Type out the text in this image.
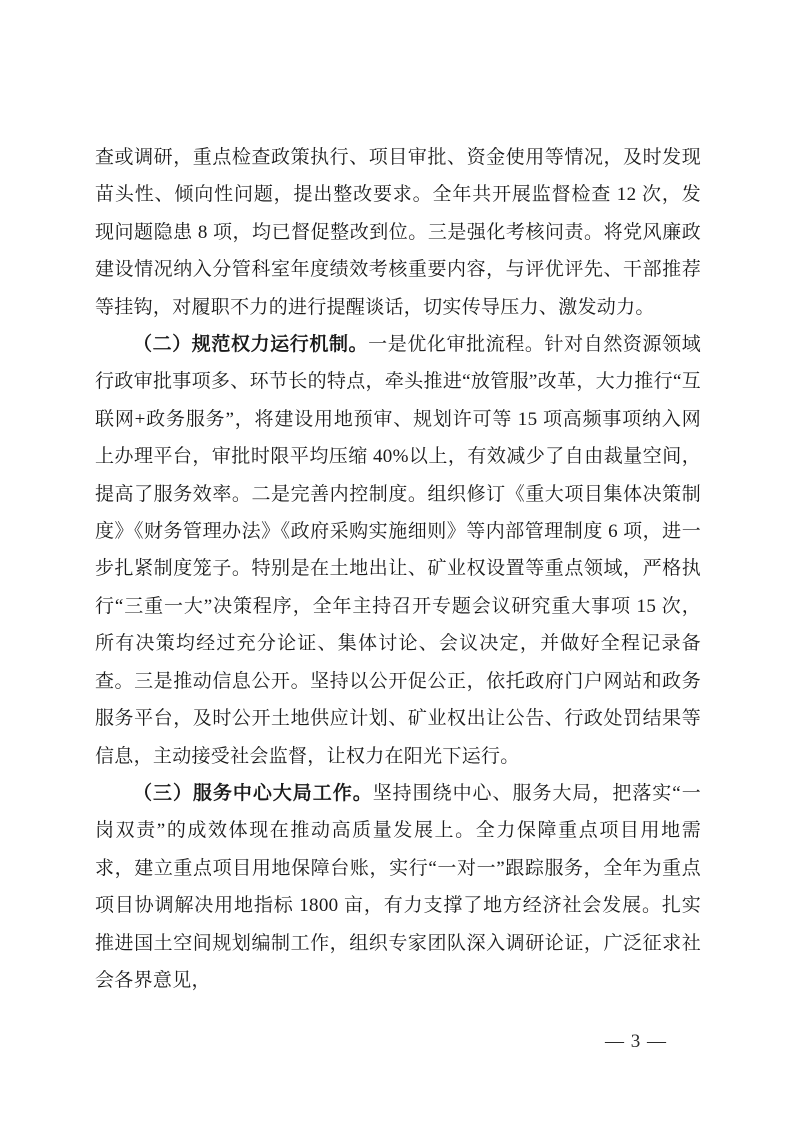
查或调研，重点检查政策执行、项目审批、资金使用等情况，及时发现苗头性、倾向性问题，提出整改要求。全年共开展监督检查 12 次，发现问题隐患 8 项，均已督促整改到位。三是强化考核问责。将党风廉政建设情况纳入分管科室年度绩效考核重要内容，与评优评先、干部推荐等挂钩，对履职不力的进行提醒谈话，切实传导压力、激发动力。

（二）规范权力运行机制。一是优化审批流程。针对自然资源领域行政审批事项多、环节长的特点，牵头推进“放管服”改革，大力推行“互联网+政务服务”，将建设用地预审、规划许可等 15 项高频事项纳入网上办理平台，审批时限平均压缩 40%以上，有效减少了自由裁量空间，提高了服务效率。二是完善内控制度。组织修订《重大项目集体决策制度》《财务管理办法》《政府采购实施细则》等内部管理制度 6 项，进一步扎紧制度笼子。特别是在土地出让、矿业权设置等重点领域，严格执行“三重一大”决策程序，全年主持召开专题会议研究重大事项 15 次，所有决策均经过充分论证、集体讨论、会议决定，并做好全程记录备查。三是推动信息公开。坚持以公开促公正，依托政府门户网站和政务服务平台，及时公开土地供应计划、矿业权出让公告、行政处罚结果等信息，主动接受社会监督，让权力在阳光下运行。

（三）服务中心大局工作。坚持围绕中心、服务大局，把落实“一岗双责”的成效体现在推动高质量发展上。全力保障重点项目用地需求，建立重点项目用地保障台账，实行“一对一”跟踪服务，全年为重点项目协调解决用地指标 1800 亩，有力支撑了地方经济社会发展。扎实推进国土空间规划编制工作，组织专家团队深入调研论证，广泛征求社会各界意见，

— 3 —
